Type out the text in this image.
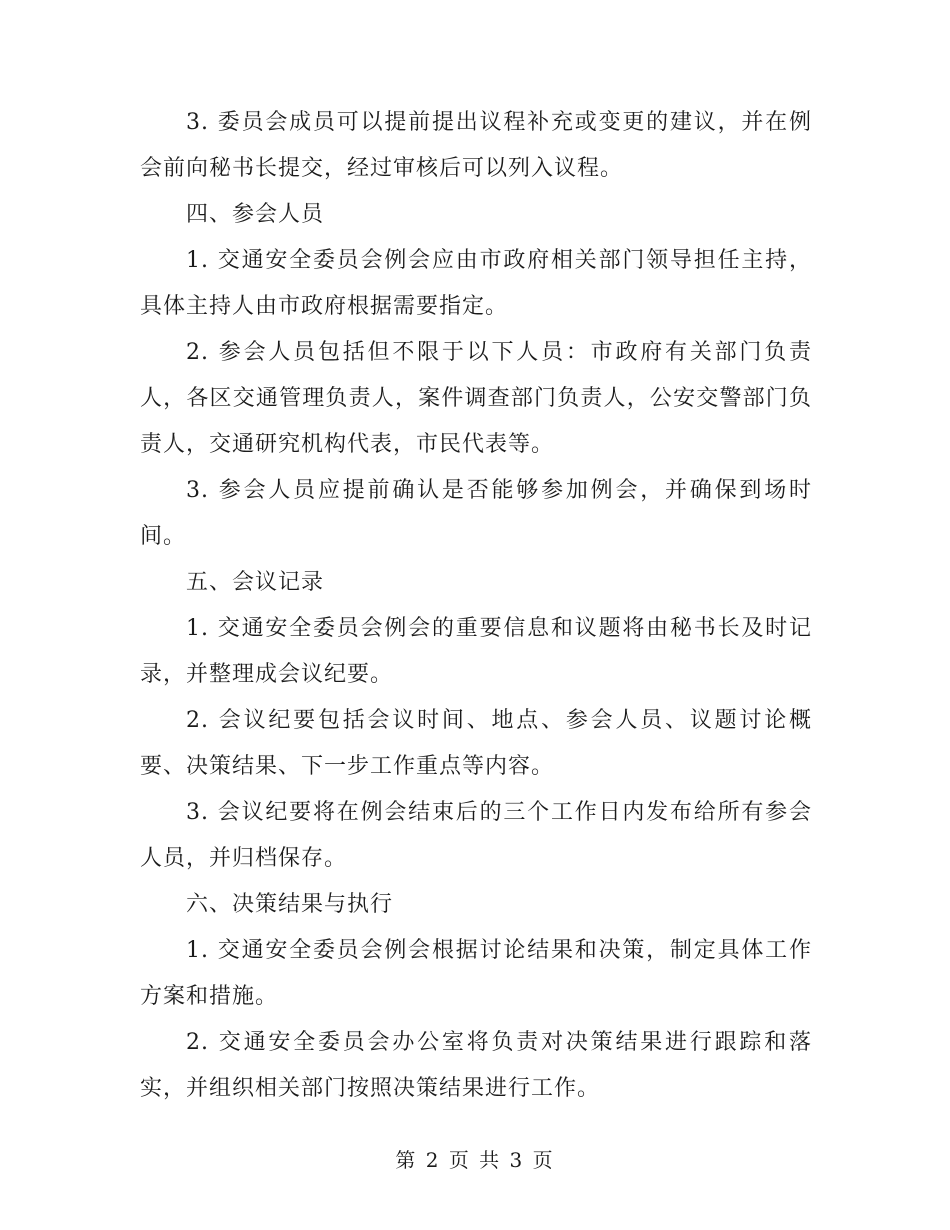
3. 委员会成员可以提前提出议程补充或变更的建议，并在例会前向秘书长提交，经过审核后可以列入议程。

四、参会人员

1. 交通安全委员会例会应由市政府相关部门领导担任主持，具体主持人由市政府根据需要指定。

2. 参会人员包括但不限于以下人员：市政府有关部门负责人，各区交通管理负责人，案件调查部门负责人，公安交警部门负责人，交通研究机构代表，市民代表等。

3. 参会人员应提前确认是否能够参加例会，并确保到场时间。

五、会议记录

1. 交通安全委员会例会的重要信息和议题将由秘书长及时记录，并整理成会议纪要。

2. 会议纪要包括会议时间、地点、参会人员、议题讨论概要、决策结果、下一步工作重点等内容。

3. 会议纪要将在例会结束后的三个工作日内发布给所有参会人员，并归档保存。

六、决策结果与执行

1. 交通安全委员会例会根据讨论结果和决策，制定具体工作方案和措施。

2. 交通安全委员会办公室将负责对决策结果进行跟踪和落实，并组织相关部门按照决策结果进行工作。

第 2 页 共 3 页
